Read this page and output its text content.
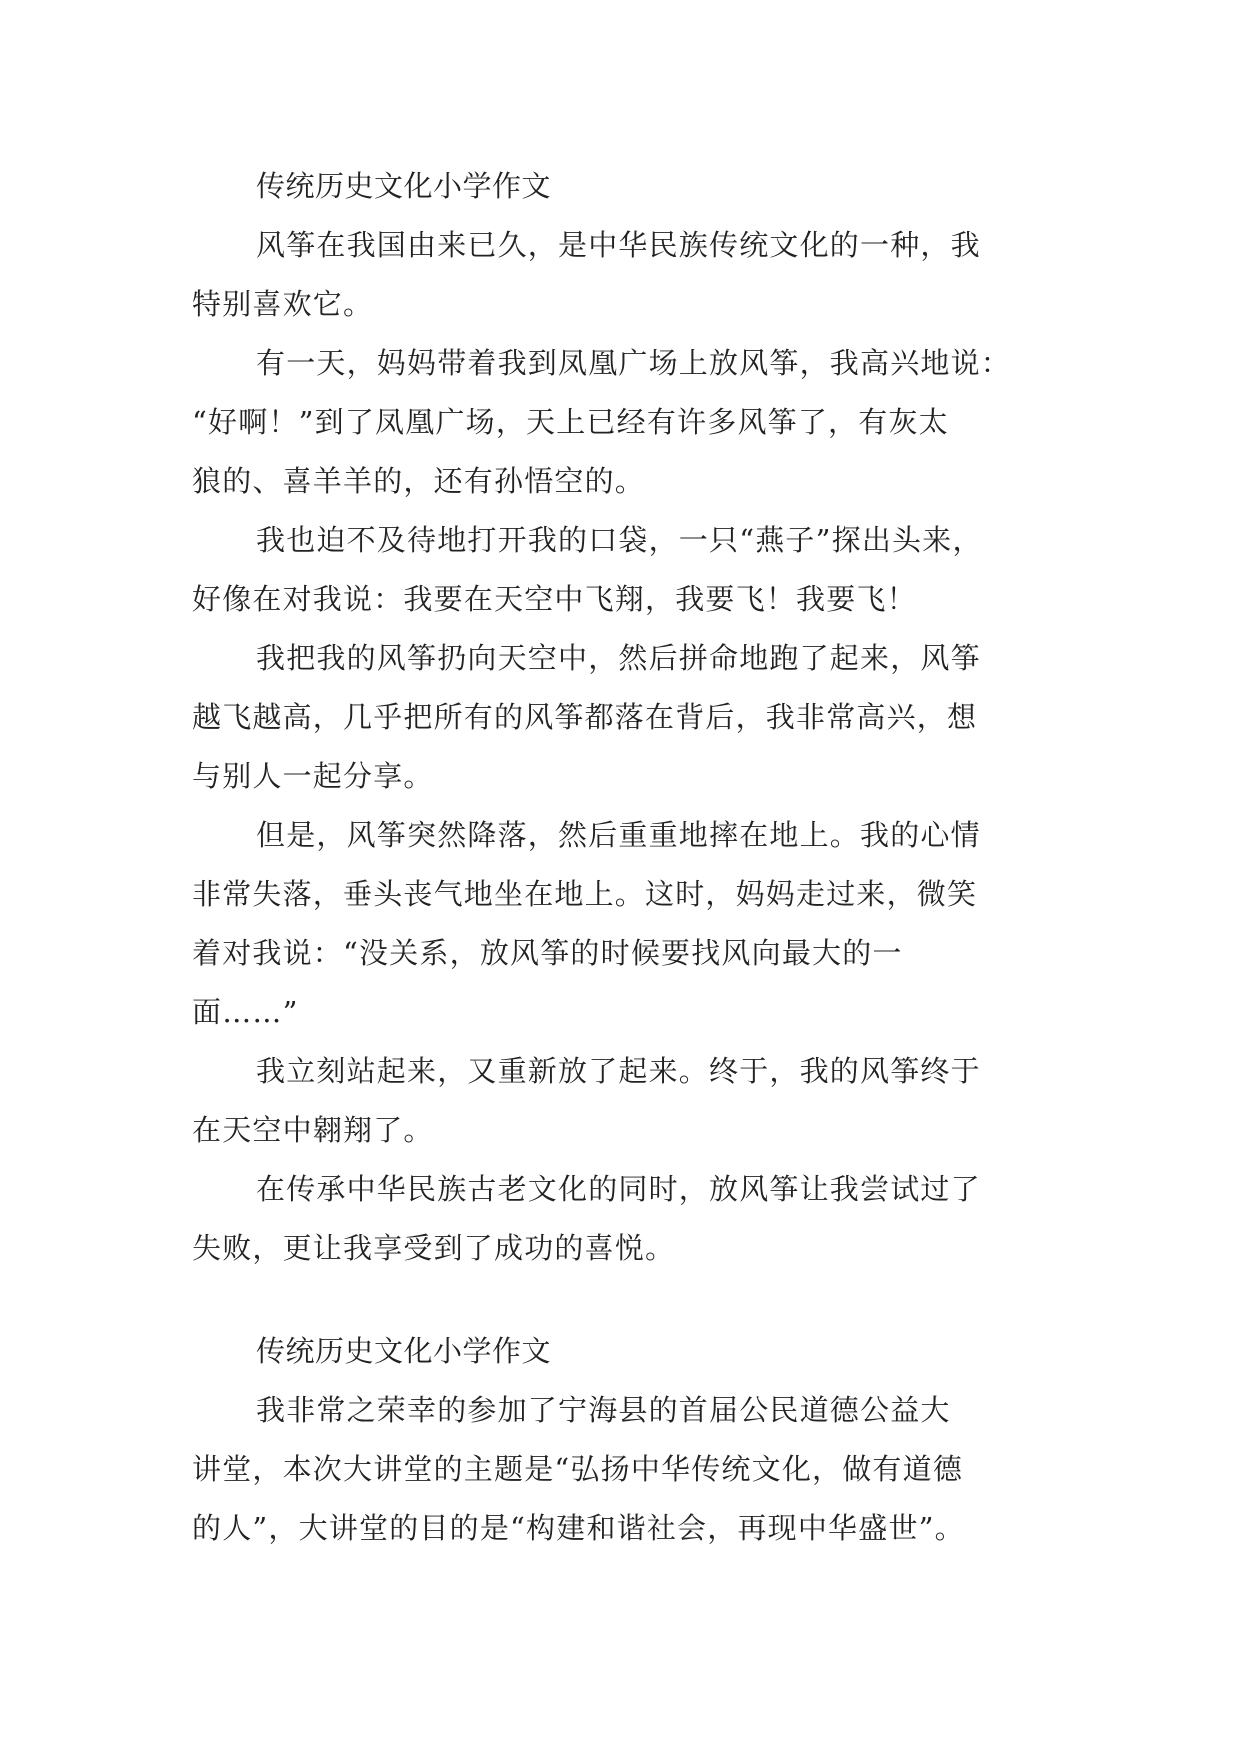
传统历史文化小学作文
风筝在我国由来已久，是中华民族传统文化的一种，我
特别喜欢它。
有一天，妈妈带着我到凤凰广场上放风筝，我高兴地说：
“好啊！”到了凤凰广场，天上已经有许多风筝了，有灰太
狼的、喜羊羊的，还有孙悟空的。
我也迫不及待地打开我的口袋，一只“燕子”探出头来，
好像在对我说：我要在天空中飞翔，我要飞！我要飞！
我把我的风筝扔向天空中，然后拼命地跑了起来，风筝
越飞越高，几乎把所有的风筝都落在背后，我非常高兴，想
与别人一起分享。
但是，风筝突然降落，然后重重地摔在地上。我的心情
非常失落，垂头丧气地坐在地上。这时，妈妈走过来，微笑
着对我说：“没关系，放风筝的时候要找风向最大的一
面……”
我立刻站起来，又重新放了起来。终于，我的风筝终于
在天空中翱翔了。
在传承中华民族古老文化的同时，放风筝让我尝试过了
失败，更让我享受到了成功的喜悦。
传统历史文化小学作文
我非常之荣幸的参加了宁海县的首届公民道德公益大
讲堂，本次大讲堂的主题是“弘扬中华传统文化，做有道德
的人”，大讲堂的目的是“构建和谐社会，再现中华盛世”。
